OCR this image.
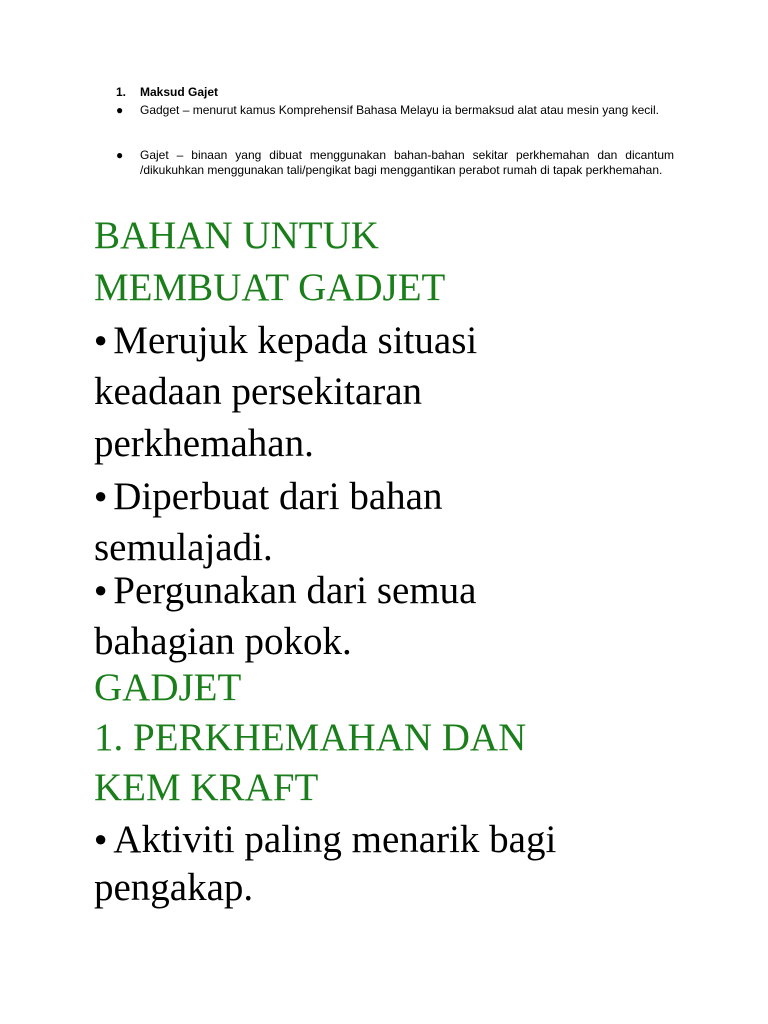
1.	Maksud Gajet
●	Gadget – menurut kamus Komprehensif Bahasa Melayu ia bermaksud alat atau mesin yang kecil.
●	Gajet – binaan yang dibuat menggunakan bahan-bahan sekitar perkhemahan dan dicantum /dikukuhkan menggunakan tali/pengikat bagi menggantikan perabot rumah di tapak perkhemahan.
BAHAN UNTUK
MEMBUAT GADJET
● Merujuk kepada situasi
keadaan persekitaran
perkhemahan.
● Diperbuat dari bahan
semulajadi.
● Pergunakan dari semua
bahagian pokok.
GADJET
1. PERKHEMAHAN DAN
KEM KRAFT
● Aktiviti paling menarik bagi
pengakap.
